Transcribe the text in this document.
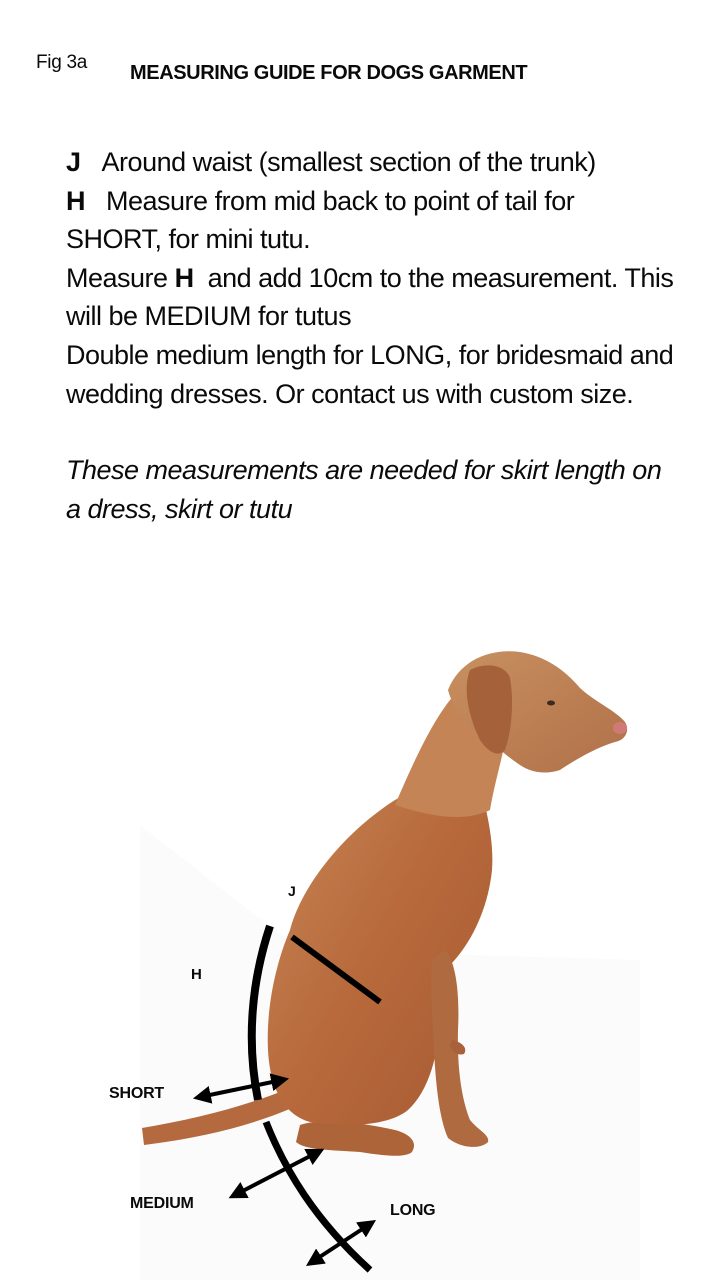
Fig 3a MEASURING GUIDE FOR DOGS GARMENT

J Around waist (smallest section of the trunk)

H Measure from mid back to point of tail for SHORT, for mini tutu.

Measure H and add 10cm to the measurement. This will be MEDIUM for tutus

Double medium length for LONG, for bridesmaid and wedding dresses. Or contact us with custom size.

These measurements are needed for skirt length on a dress, skirt or tutu

J
H
SHORT
MEDIUM	LONG
